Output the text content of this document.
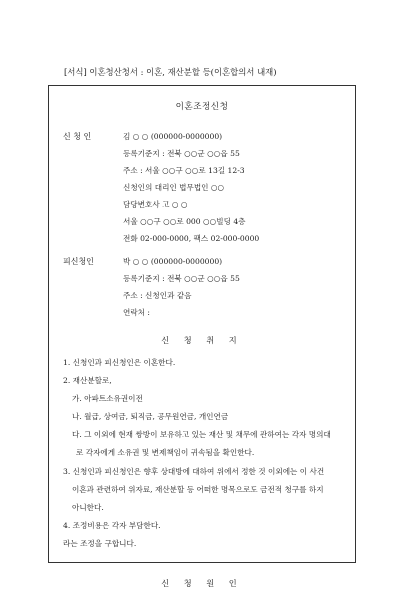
[서식] 이혼청산청서 : 이혼, 재산분할 등(이혼합의서 내재)
이혼조정신청
신 청 인	김 ○ ○ (000000-0000000)
등록기준지 : 전북 ○○군 ○○읍 55
주소 : 서울 ○○구 ○○로 13길 12-3
신청인의 대리인 법무법인 ○○
담당변호사 고 ○ ○
서울 ○○구 ○○로 000 ○○빌딩 4층
전화 02-000-0000, 팩스 02-000-0000
피신청인	박 ○ ○ (000000-0000000)
등록기준지 : 전북 ○○군 ○○읍 55
주소 : 신청인과 같음
연락처 :
신 청 취 지
1. 신청인과 피신청인은 이혼한다.
2. 재산분할로,
가. 아파트소유권이전
나. 월급, 상여금, 퇴직금, 공무원연금, 개인연금
다. 그 이외에 현재 쌍방이 보유하고 있는 재산 및 채무에 관하여는 각자 명의대
로 각자에게 소유권 및 변제책임이 귀속됨을 확인한다.
3. 신청인과 피신청인은 향후 상대방에 대하여 위에서 정한 것 이외에는 이 사건
이혼과 관련하여 위자료, 재산분할 등 어떠한 명목으로도 금전적 청구를 하지
아니한다.
4. 조정비용은 각자 부담한다.
라는 조정을 구합니다.
신 청 원 인
